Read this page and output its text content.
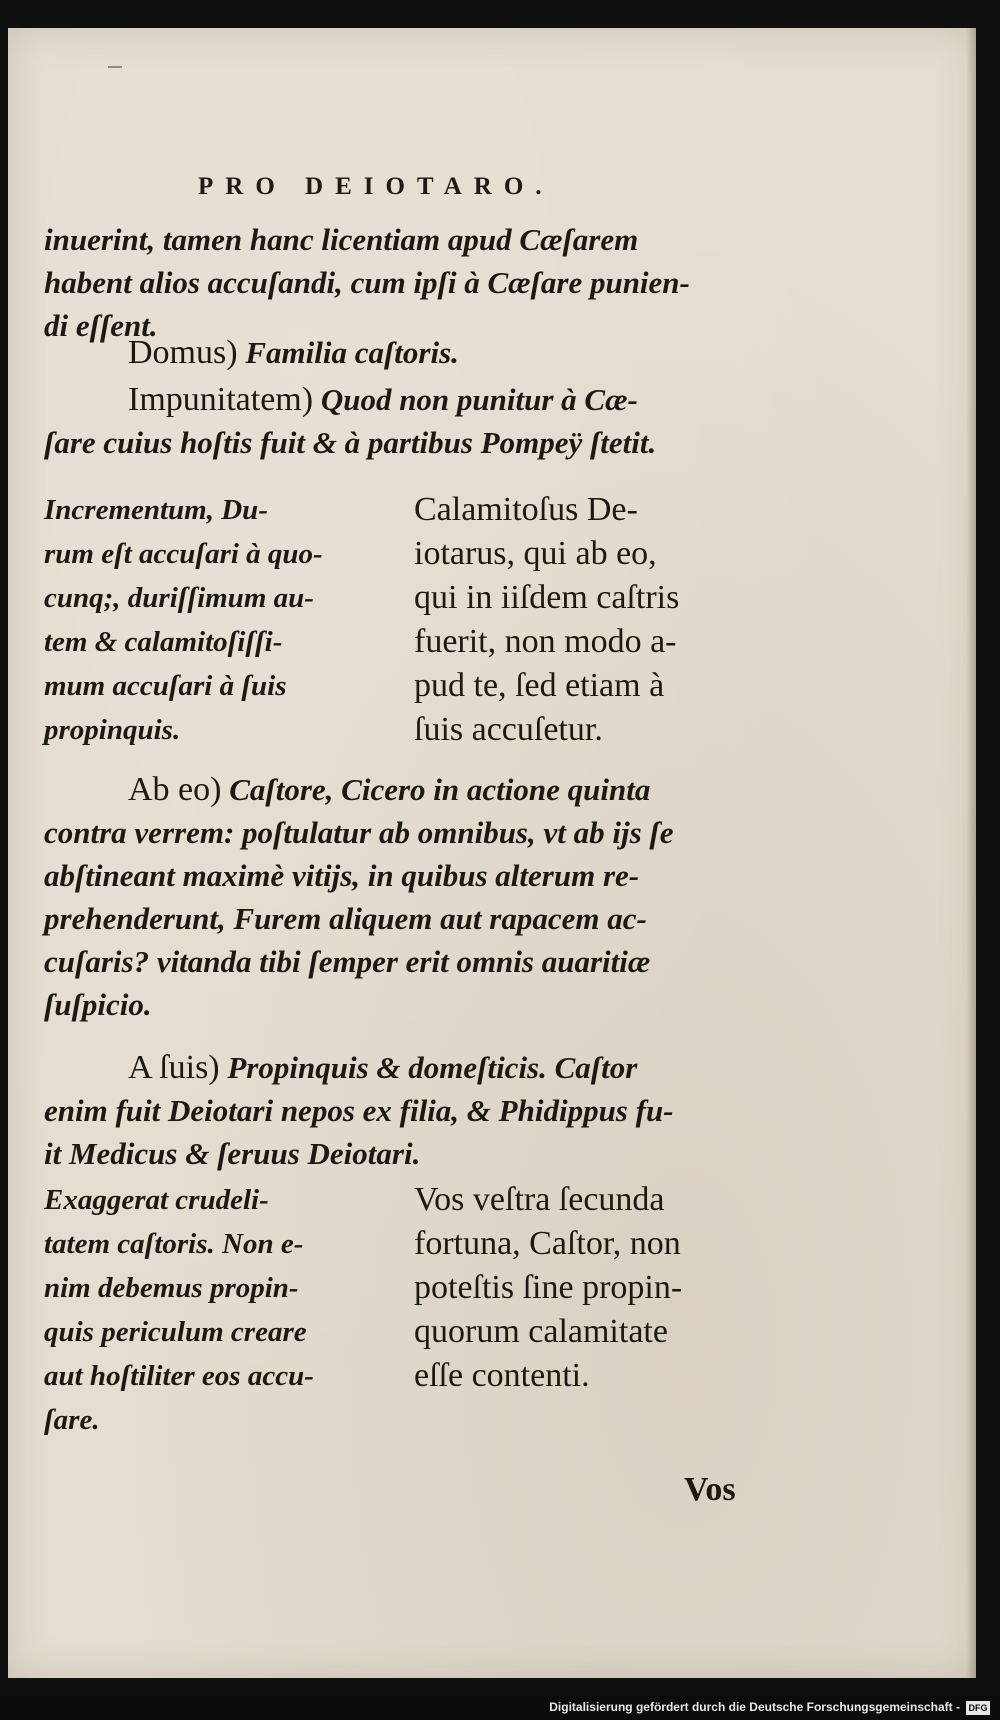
PRO DEIOTARO.
inuerint, tamen hanc licentiam apud Cæſarem
habent alios accuſandi, cum ipſi à Cæſare punien-
di eſſent.
Domus) Familia caſtoris.
Impunitatem) Quod non punitur à Cæ-
ſare cuius hoſtis fuit & à partibus Pompeÿ ſtetit.
Incrementum, Du-
rum eſt accuſari à quo-
cunq;, duriſſimum au-
tem & calamitoſiſſi-
mum accuſari à ſuis
propinquis.
Calamitoſus De-
iotarus, qui ab eo,
qui in iiſdem caſtris
fuerit, non modo a-
pud te, ſed etiam à
ſuis accuſetur.
Ab eo) Caſtore, Cicero in actione quinta
contra verrem: poſtulatur ab omnibus, vt ab ijs ſe
abſtineant maximè vitijs, in quibus alterum re-
prehenderunt, Furem aliquem aut rapacem ac-
cuſaris? vitanda tibi ſemper erit omnis auaritiæ
ſuſpicio.
A ſuis) Propinquis & domeſticis. Caſtor
enim fuit Deiotari nepos ex filia, & Phidippus fu-
it Medicus & ſeruus Deiotari.
Exaggerat crudeli-
tatem caſtoris. Non e-
nim debemus propin-
quis periculum creare
aut hoſtiliter eos accu-
ſare.
Vos veſtra ſecunda
fortuna, Caſtor, non
poteſtis ſine propin-
quorum calamitate
eſſe contenti.
Vos
Digitalisierung gefördert durch die Deutsche Forschungsgemeinschaft - DFG
